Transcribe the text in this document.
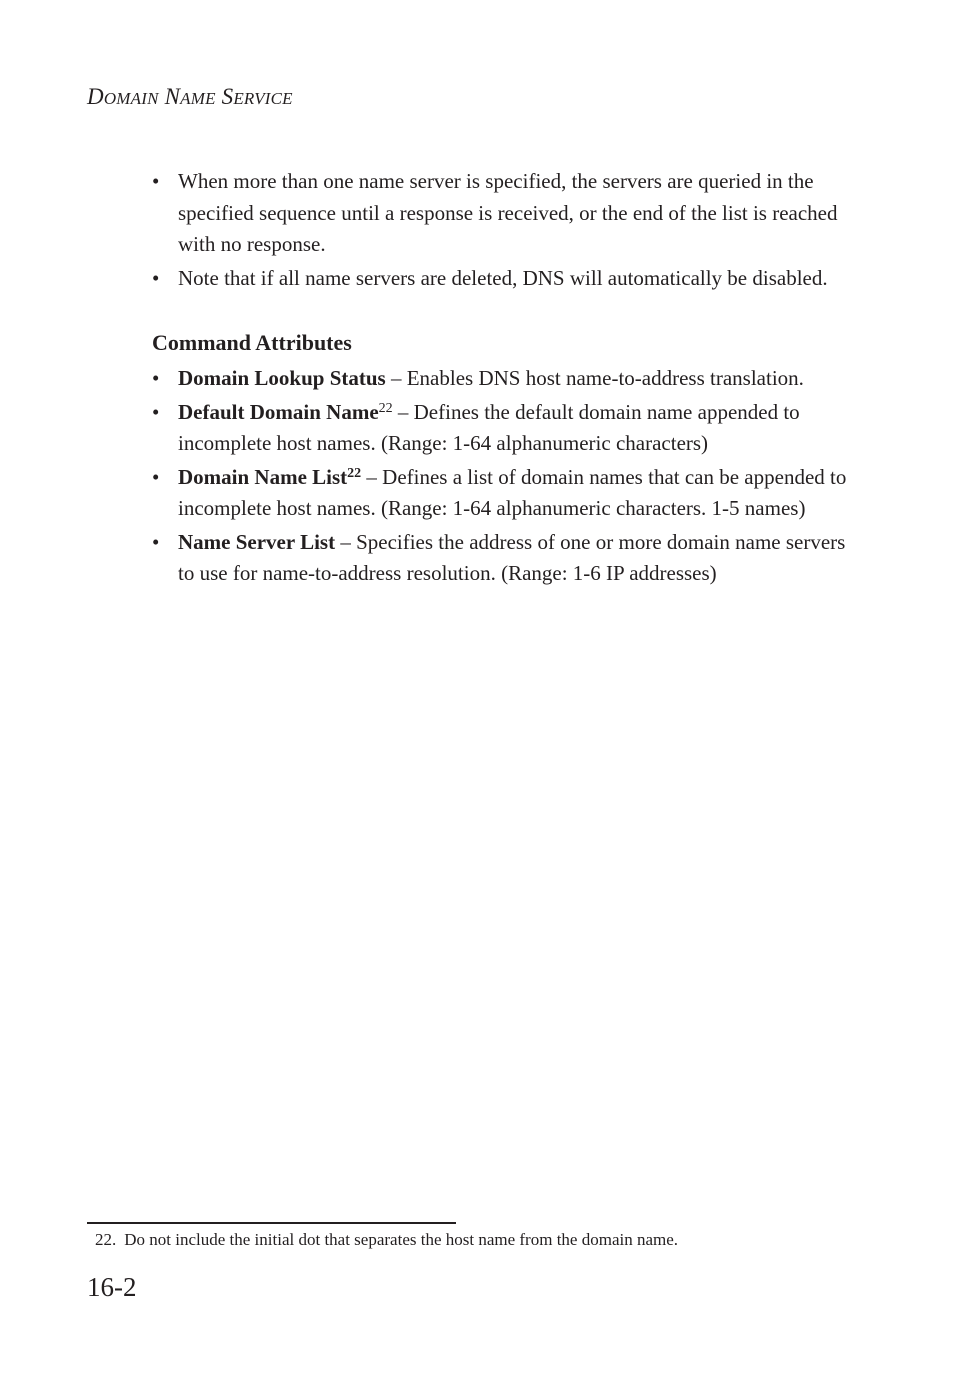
DOMAIN NAME SERVICE
• When more than one name server is specified, the servers are queried in the specified sequence until a response is received, or the end of the list is reached with no response.
• Note that if all name servers are deleted, DNS will automatically be disabled.
Command Attributes
• Domain Lookup Status – Enables DNS host name-to-address translation.
• Default Domain Name$^{22}$ – Defines the default domain name appended to incomplete host names. (Range: 1-64 alphanumeric characters)
• Domain Name List$^{22}$ – Defines a list of domain names that can be appended to incomplete host names. (Range: 1-64 alphanumeric characters. 1-5 names)
• Name Server List – Specifies the address of one or more domain name servers to use for name-to-address resolution. (Range: 1-6 IP addresses)
22. Do not include the initial dot that separates the host name from the domain name.
16-2
